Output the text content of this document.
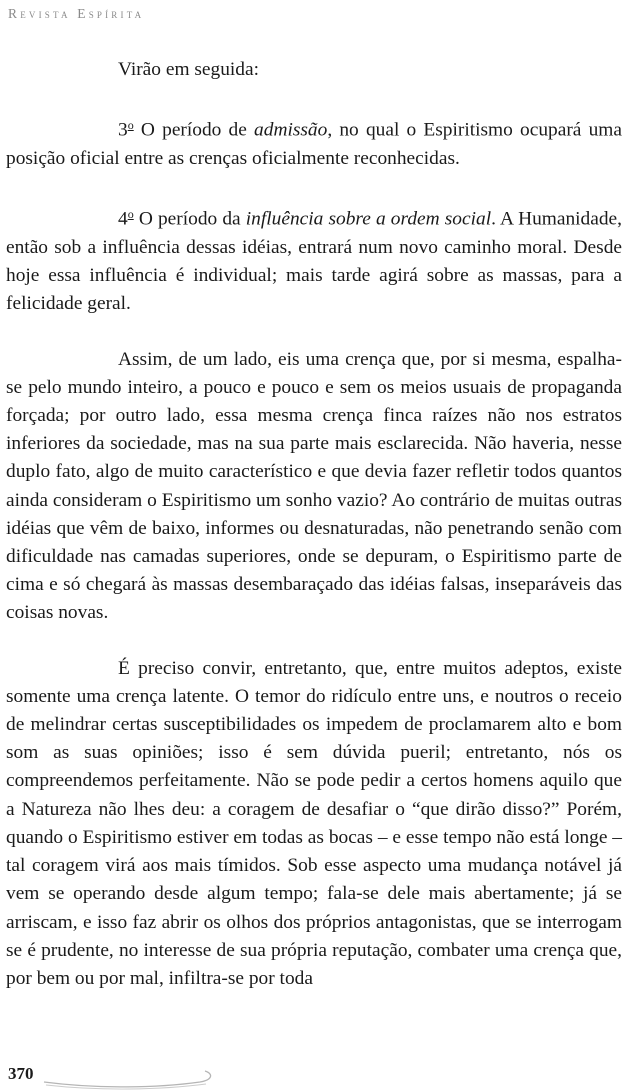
Revista Espírita

Virão em seguida:

3$^o$ O período de admissão, no qual o Espiritismo ocupará uma posição oficial entre as crenças oficialmente reconhecidas.

4$^o$ O período da influência sobre a ordem social. A Humanidade, então sob a influência dessas idéias, entrará num novo caminho moral. Desde hoje essa influência é individual; mais tarde agirá sobre as massas, para a felicidade geral.

Assim, de um lado, eis uma crença que, por si mesma, espalha-se pelo mundo inteiro, a pouco e pouco e sem os meios usuais de propaganda forçada; por outro lado, essa mesma crença finca raízes não nos estratos inferiores da sociedade, mas na sua parte mais esclarecida. Não haveria, nesse duplo fato, algo de muito característico e que devia fazer refletir todos quantos ainda consideram o Espiritismo um sonho vazio? Ao contrário de muitas outras idéias que vêm de baixo, informes ou desnaturadas, não penetrando senão com dificuldade nas camadas superiores, onde se depuram, o Espiritismo parte de cima e só chegará às massas desembaraçado das idéias falsas, inseparáveis das coisas novas.

É preciso convir, entretanto, que, entre muitos adeptos, existe somente uma crença latente. O temor do ridículo entre uns, e noutros o receio de melindrar certas susceptibilidades os impedem de proclamarem alto e bom som as suas opiniões; isso é sem dúvida pueril; entretanto, nós os compreendemos perfeitamente. Não se pode pedir a certos homens aquilo que a Natureza não lhes deu: a coragem de desafiar o “que dirão disso?” Porém, quando o Espiritismo estiver em todas as bocas – e esse tempo não está longe – tal coragem virá aos mais tímidos. Sob esse aspecto uma mudança notável já vem se operando desde algum tempo; fala-se dele mais abertamente; já se arriscam, e isso faz abrir os olhos dos próprios antagonistas, que se interrogam se é prudente, no interesse de sua própria reputação, combater uma crença que, por bem ou por mal, infiltra-se por toda

370
